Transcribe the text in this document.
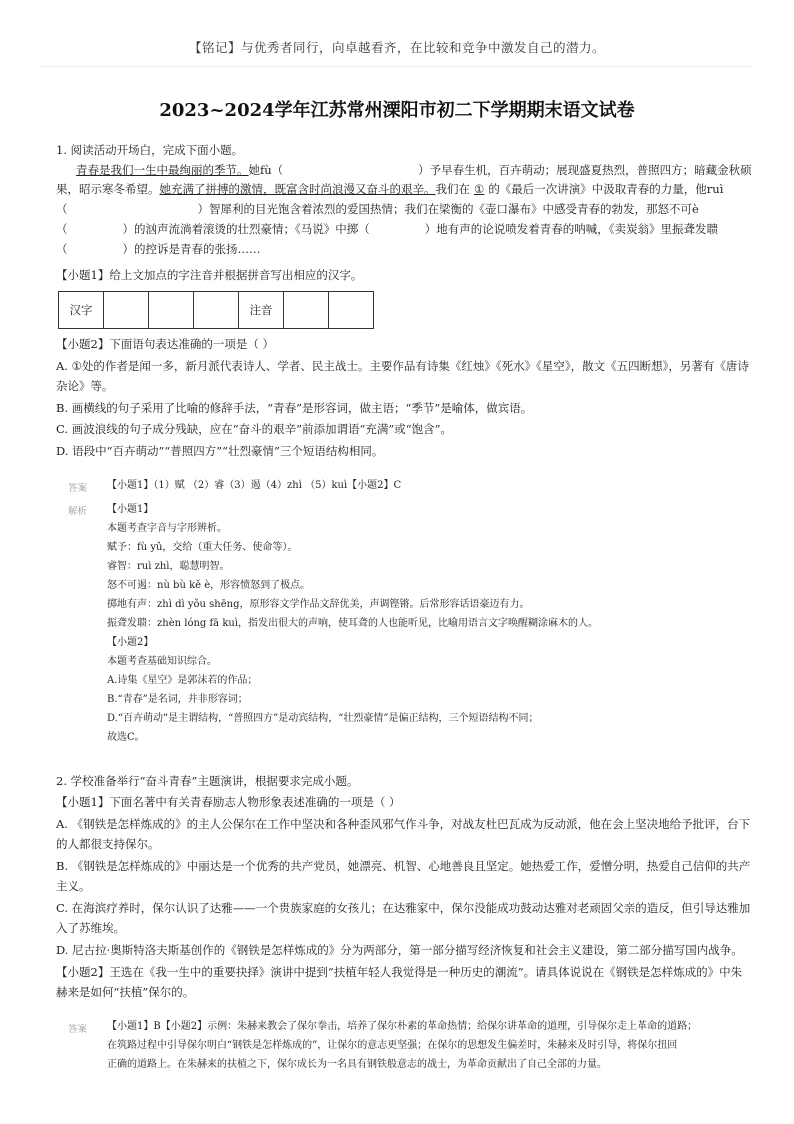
【铭记】与优秀者同行，向卓越看齐，在比较和竞争中激发自己的潜力。
2023~2024学年江苏常州溧阳市初二下学期期末语文试卷
1. 阅读活动开场白，完成下面小题。
青春是我们一生中最绚丽的季节。她fù（	）予早春生机，百卉萌动；展现盛夏热烈，普照四方；暗藏金秋硕
果，昭示寒冬希望。她充满了拼搏的激情，既富含时尚浪漫又奋斗的艰辛。我们在 ① 的《最后一次讲演》中汲取青春的力量，他ruì
（	）智犀利的目光饱含着浓烈的爱国热情；我们在梁衡的《壶口瀑布》中感受青春的勃发，那怒不可è
（	）的汹声流淌着滚烫的壮烈豪情；《马说》中掷（	）地有声的论说喷发着青春的呐喊，《卖炭翁》里振聋发聩
（	）的控诉是青春的张扬……
【小题1】给上文加点的字注音并根据拼音写出相应的汉字。
汉字				注音		
【小题2】下面语句表达准确的一项是（ ）
A. ①处的作者是闻一多，新月派代表诗人、学者、民主战士。主要作品有诗集《红烛》《死水》《星空》，散文《五四断想》，另著有《唐诗
杂论》等。
B. 画横线的句子采用了比喻的修辞手法，“青春”是形容词，做主语；“季节”是喻体，做宾语。
C. 画波浪线的句子成分残缺，应在“奋斗的艰辛”前添加谓语“充满”或“饱含”。
D. 语段中“百卉萌动”“普照四方”“壮烈豪情”三个短语结构相同。
答案 【小题1】（1）赋 （2）睿（3）遏（4）zhì （5）kuì【小题2】C
解析 【小题1】
本题考查字音与字形辨析。
赋予：fù yǔ，交给（重大任务、使命等）。
睿智：ruì zhì，聪慧明智。
怒不可遏：nù bù kě è，形容愤怒到了极点。
掷地有声：zhì dì yǒu shēng，原形容文学作品文辞优美，声调铿锵。后常形容话语豪迈有力。
振聋发聩：zhèn lóng fā kuì，指发出很大的声响，使耳聋的人也能听见，比喻用语言文字唤醒糊涂麻木的人。
【小题2】
本题考查基础知识综合。
A.诗集《星空》是郭沫若的作品；
B.“青春”是名词，并非形容词；
D.“百卉萌动”是主谓结构，“普照四方”是动宾结构，“壮烈豪情”是偏正结构，三个短语结构不同；
故选C。
2. 学校准备举行“奋斗青春”主题演讲，根据要求完成小题。
【小题1】下面名著中有关青春励志人物形象表述准确的一项是（ ）
A. 《钢铁是怎样炼成的》的主人公保尔在工作中坚决和各种歪风邪气作斗争，对战友杜巴瓦成为反动派，他在会上坚决地给予批评，台下
的人都很支持保尔。
B. 《钢铁是怎样炼成的》中丽达是一个优秀的共产党员，她漂亮、机智、心地善良且坚定。她热爱工作，爱憎分明，热爱自己信仰的共产
主义。
C. 在海滨疗养时，保尔认识了达雅——一个贵族家庭的女孩儿；在达雅家中，保尔没能成功鼓动达雅对老顽固父亲的造反，但引导达雅加
入了苏维埃。
D. 尼古拉·奥斯特洛夫斯基创作的《钢铁是怎样炼成的》分为两部分，第一部分描写经济恢复和社会主义建设，第二部分描写国内战争。
【小题2】王选在《我一生中的重要抉择》演讲中提到“扶植年轻人我觉得是一种历史的潮流”。请具体说说在《钢铁是怎样炼成的》中朱
赫来是如何“扶植”保尔的。
答案 【小题1】B【小题2】示例：朱赫来教会了保尔拳击，培养了保尔朴素的革命热情；给保尔讲革命的道理，引导保尔走上革命的道路；
在筑路过程中引导保尔明白“钢铁是怎样炼成的”，让保尔的意志更坚强；在保尔的思想发生偏差时，朱赫来及时引导，将保尔扭回
正确的道路上。在朱赫来的扶植之下，保尔成长为一名具有钢铁般意志的战士，为革命贡献出了自己全部的力量。
